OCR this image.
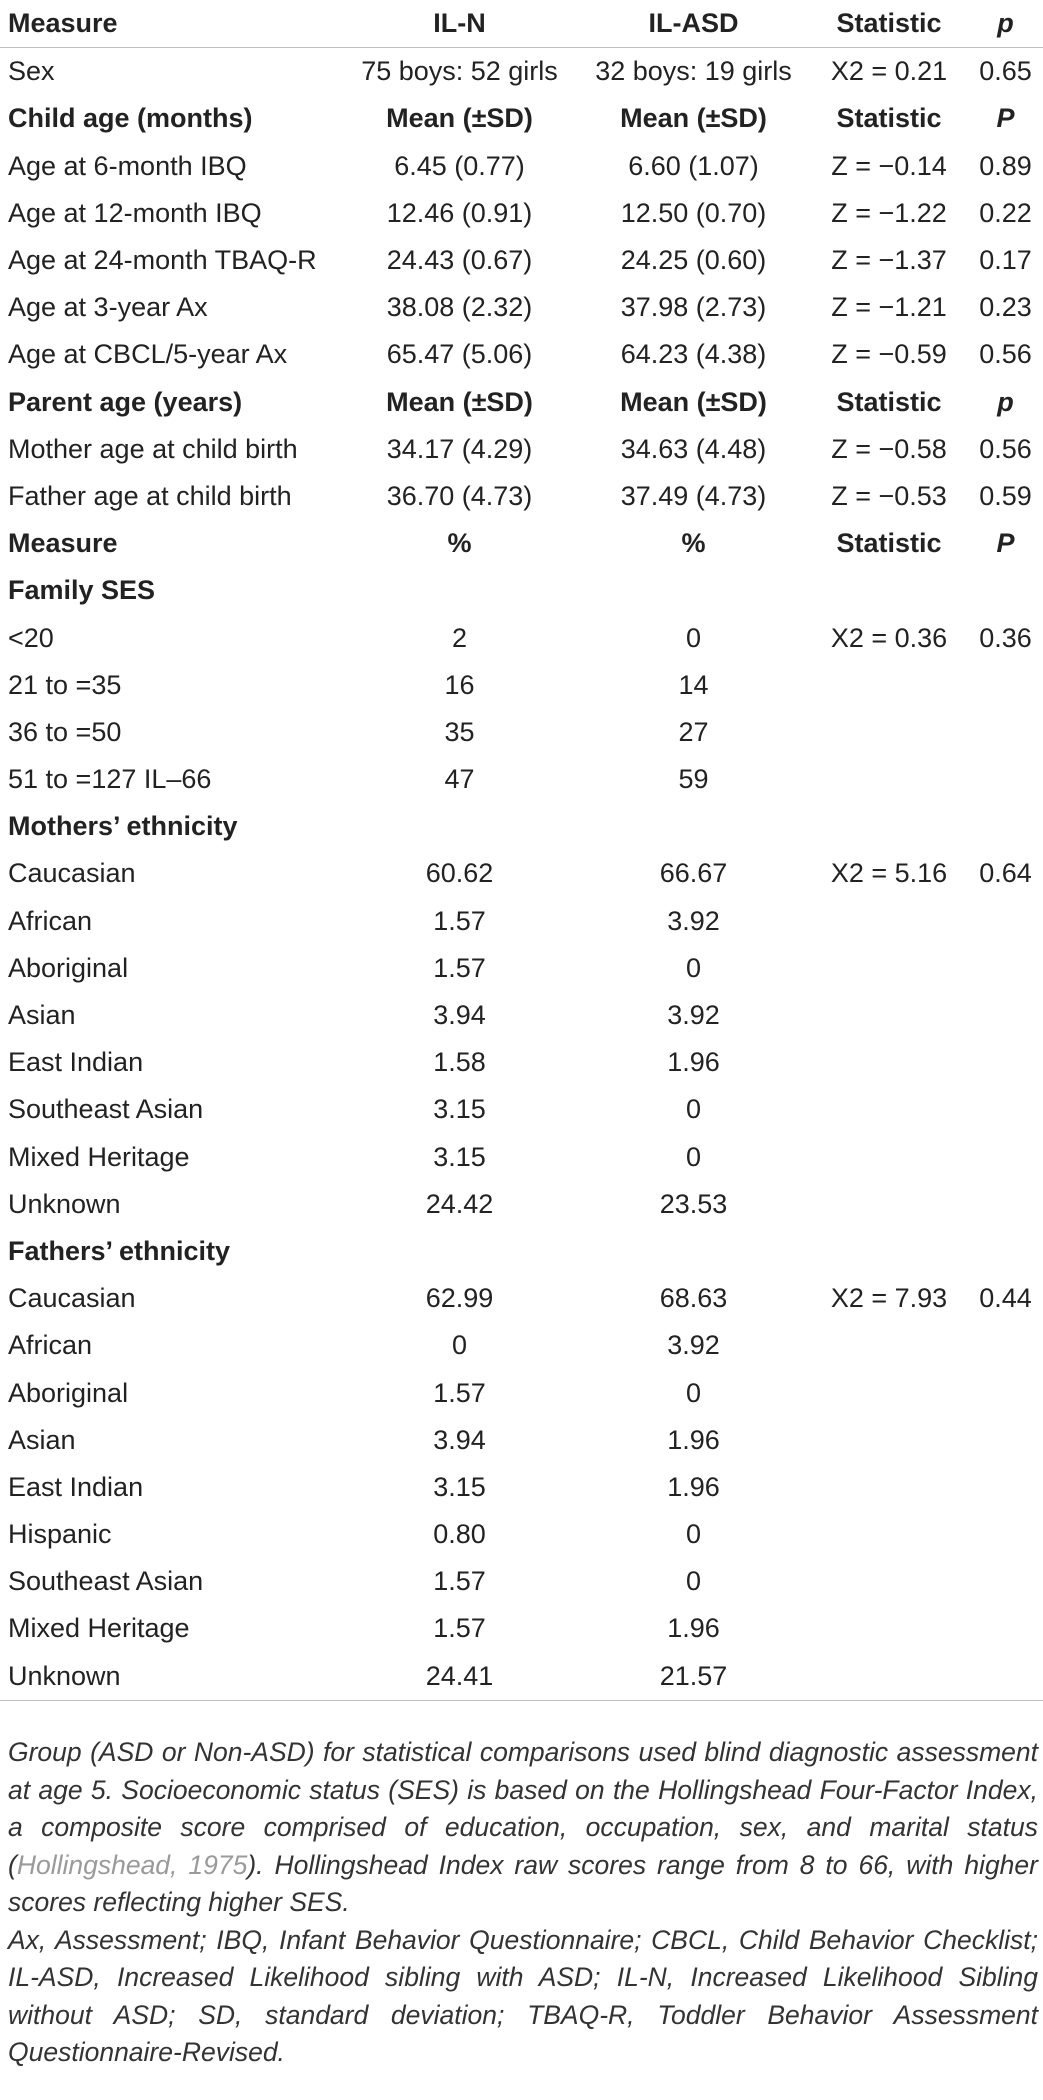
Measure	IL-N	IL-ASD	Statistic	p
Sex	75 boys: 52 girls	32 boys: 19 girls	X2 = 0.21	0.65
Child age (months)	Mean (±SD)	Mean (±SD)	Statistic	P
Age at 6-month IBQ	6.45 (0.77)	6.60 (1.07)	Z = −0.14	0.89
Age at 12-month IBQ	12.46 (0.91)	12.50 (0.70)	Z = −1.22	0.22
Age at 24-month TBAQ-R	24.43 (0.67)	24.25 (0.60)	Z = −1.37	0.17
Age at 3-year Ax	38.08 (2.32)	37.98 (2.73)	Z = −1.21	0.23
Age at CBCL/5-year Ax	65.47 (5.06)	64.23 (4.38)	Z = −0.59	0.56
Parent age (years)	Mean (±SD)	Mean (±SD)	Statistic	p
Mother age at child birth	34.17 (4.29)	34.63 (4.48)	Z = −0.58	0.56
Father age at child birth	36.70 (4.73)	37.49 (4.73)	Z = −0.53	0.59
Measure	%	%	Statistic	P
Family SES				
<20	2	0	X2 = 0.36	0.36
21 to =35	16	14		
36 to =50	35	27		
51 to =127 IL–66	47	59		
Mothers’ ethnicity				
Caucasian	60.62	66.67	X2 = 5.16	0.64
African	1.57	3.92		
Aboriginal	1.57	0		
Asian	3.94	3.92		
East Indian	1.58	1.96		
Southeast Asian	3.15	0		
Mixed Heritage	3.15	0		
Unknown	24.42	23.53		
Fathers’ ethnicity				
Caucasian	62.99	68.63	X2 = 7.93	0.44
African	0	3.92		
Aboriginal	1.57	0		
Asian	3.94	1.96		
East Indian	3.15	1.96		
Hispanic	0.80	0		
Southeast Asian	1.57	0		
Mixed Heritage	1.57	1.96		
Unknown	24.41	21.57		
Group (ASD or Non-ASD) for statistical comparisons used blind diagnostic assessment at age 5. Socioeconomic status (SES) is based on the Hollingshead Four-Factor Index, a composite score comprised of education, occupation, sex, and marital status (Hollingshead, 1975). Hollingshead Index raw scores range from 8 to 66, with higher scores reflecting higher SES.
Ax, Assessment; IBQ, Infant Behavior Questionnaire; CBCL, Child Behavior Checklist; IL-ASD, Increased Likelihood sibling with ASD; IL-N, Increased Likelihood Sibling without ASD; SD, standard deviation; TBAQ-R, Toddler Behavior Assessment Questionnaire-Revised.
